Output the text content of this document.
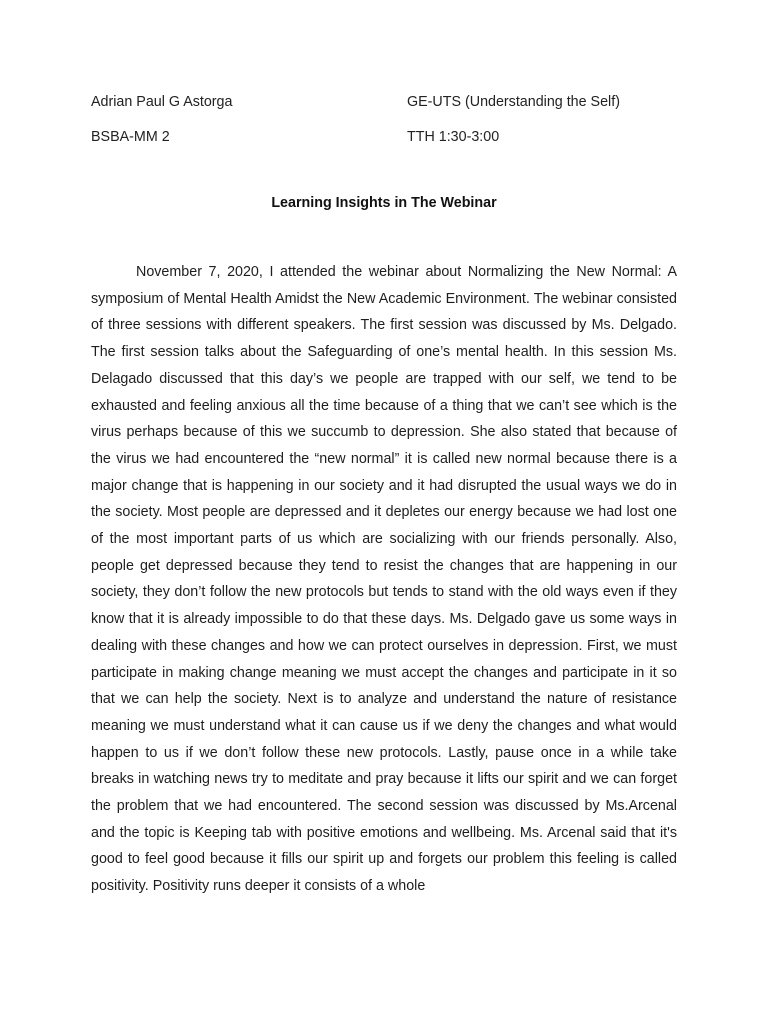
Adrian Paul G Astorga	GE-UTS (Understanding the Self)
BSBA-MM 2	TTH 1:30-3:00
Learning Insights in The Webinar

November 7, 2020, I attended the webinar about Normalizing the New Normal: A symposium of Mental Health Amidst the New Academic Environment. The webinar consisted of three sessions with different speakers. The first session was discussed by Ms. Delgado. The first session talks about the Safeguarding of one’s mental health. In this session Ms. Delagado discussed that this day’s we people are trapped with our self, we tend to be exhausted and feeling anxious all the time because of a thing that we can’t see which is the virus perhaps because of this we succumb to depression. She also stated that because of the virus we had encountered the “new normal” it is called new normal because there is a major change that is happening in our society and it had disrupted the usual ways we do in the society. Most people are depressed and it depletes our energy because we had lost one of the most important parts of us which are socializing with our friends personally. Also, people get depressed because they tend to resist the changes that are happening in our society, they don’t follow the new protocols but tends to stand with the old ways even if they know that it is already impossible to do that these days. Ms. Delgado gave us some ways in dealing with these changes and how we can protect ourselves in depression. First, we must participate in making change meaning we must accept the changes and participate in it so that we can help the society. Next is to analyze and understand the nature of resistance meaning we must understand what it can cause us if we deny the changes and what would happen to us if we don’t follow these new protocols. Lastly, pause once in a while take breaks in watching news try to meditate and pray because it lifts our spirit and we can forget the problem that we had encountered. The second session was discussed by Ms.Arcenal and the topic is Keeping tab with positive emotions and wellbeing. Ms. Arcenal said that it's good to feel good because it fills our spirit up and forgets our problem this feeling is called positivity. Positivity runs deeper it consists of a whole
